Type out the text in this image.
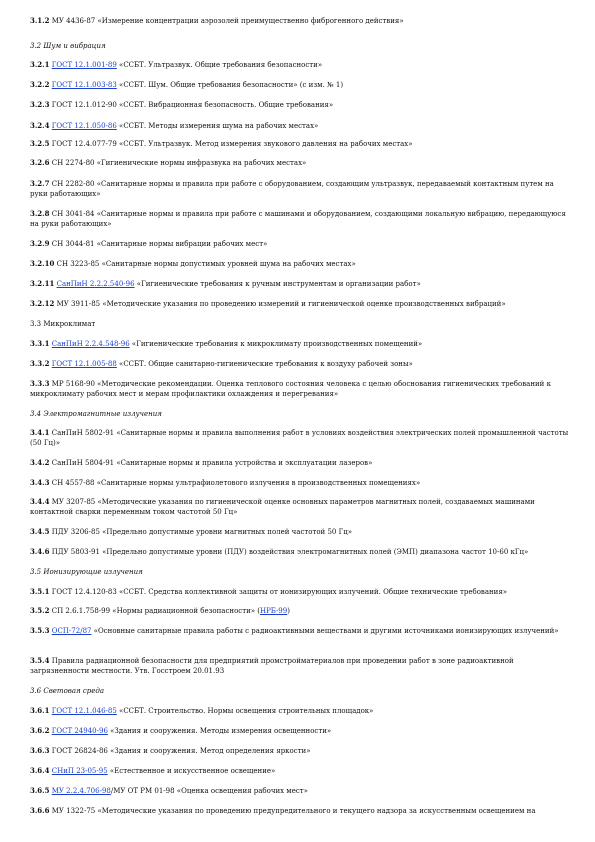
3.1.2 МУ 4436-87 «Измерение концентрации аэрозолей преимущественно фиброгенного действия»
3.2 Шум и вибрация
3.2.1 ГОСТ 12.1.001-89 «ССБТ. Ультразвук. Общие требования безопасности»
3.2.2 ГОСТ 12.1.003-83 «ССБТ. Шум. Общие требования безопасности» (с изм. № 1)
3.2.3 ГОСТ 12.1.012-90 «ССБТ. Вибрационная безопасность. Общие требования»
3.2.4 ГОСТ 12.1.050-86 «ССБТ. Методы измерения шума на рабочих местах»
3.2.5 ГОСТ 12.4.077-79 «ССБТ. Ультразвук. Метод измерения звукового давления на рабочих местах»
3.2.6 СН 2274-80 «Гигиенические нормы инфразвука на рабочих местах»
3.2.7 СН 2282-80 «Санитарные нормы и правила при работе с оборудованием, создающим ультразвук, передаваемый контактным путем на руки работающих»
3.2.8 СН 3041-84 «Санитарные нормы и правила при работе с машинами и оборудованием, создающими локальную вибрацию, передающуюся на руки работающих»
3.2.9 СН 3044-81 «Санитарные нормы вибрации рабочих мест»
3.2.10 СН 3223-85 «Санитарные нормы допустимых уровней шума на рабочих местах»
3.2.11 СанПиН 2.2.2.540-96 «Гигиенические требования к ручным инструментам и организации работ»
3.2.12 МУ 3911-85 «Методические указания по проведению измерений и гигиенической оценке производственных вибраций»
3.3 Микроклимат
3.3.1 СанПиН 2.2.4.548-96 «Гигиенические требования к микроклимату производственных помещений»
3.3.2 ГОСТ 12.1.005-88 «ССБТ. Общие санитарно-гигиенические требования к воздуху рабочей зоны»
3.3.3 МР 5168-90 «Методические рекомендации. Оценка теплового состояния человека с целью обоснования гигиенических требований к микроклимату рабочих мест и мерам профилактики охлаждения и перегревания»
3.4 Электромагнитные излучения
3.4.1 СанПиН 5802-91 «Санитарные нормы и правила выполнения работ в условиях воздействия электрических полей промышленной частоты (50 Гц)»
3.4.2 СанПиН 5804-91 «Санитарные нормы и правила устройства и эксплуатации лазеров»
3.4.3 СН 4557-88 «Санитарные нормы ультрафиолетового излучения в производственных помещениях»
3.4.4 МУ 3207-85 «Методические указания по гигиенической оценке основных параметров магнитных полей, создаваемых машинами контактной сварки переменным током частотой 50 Гц»
3.4.5 ПДУ 3206-85 «Предельно допустимые уровни магнитных полей частотой 50 Гц»
3.4.6 ПДУ 5803-91 «Предельно допустимые уровни (ПДУ) воздействия электромагнитных полей (ЭМП) диапазона частот 10-60 кГц»
3.5 Ионизирующие излучения
3.5.1 ГОСТ 12.4.120-83 «ССБТ. Средства коллективной защиты от ионизирующих излучений. Общие технические требования»
3.5.2 СП 2.6.1.758-99 «Нормы радиационной безопасности» (НРБ-99)
3.5.3 ОСП-72/87 «Основные санитарные правила работы с радиоактивными веществами и другими источниками ионизирующих излучений»
3.5.4 Правила радиационной безопасности для предприятий промстройматериалов при проведении работ в зоне радиоактивной загрязненности местности. Утв. Госстроем 20.01.93
3.6 Световая среда
3.6.1 ГОСТ 12.1.046-85 «ССБТ. Строительство. Нормы освещения строительных площадок»
3.6.2 ГОСТ 24940-96 «Здания и сооружения. Методы измерения освещенности»
3.6.3 ГОСТ 26824-86 «Здания и сооружения. Метод определения яркости»
3.6.4 СНиП 23-05-95 «Естественное и искусственное освещение»
3.6.5 МУ 2.2.4.706-98/МУ ОТ РМ 01-98 «Оценка освещения рабочих мест»
3.6.6 МУ 1322-75 «Методические указания по проведению предупредительного и текущего надзора за искусственным освещением на
